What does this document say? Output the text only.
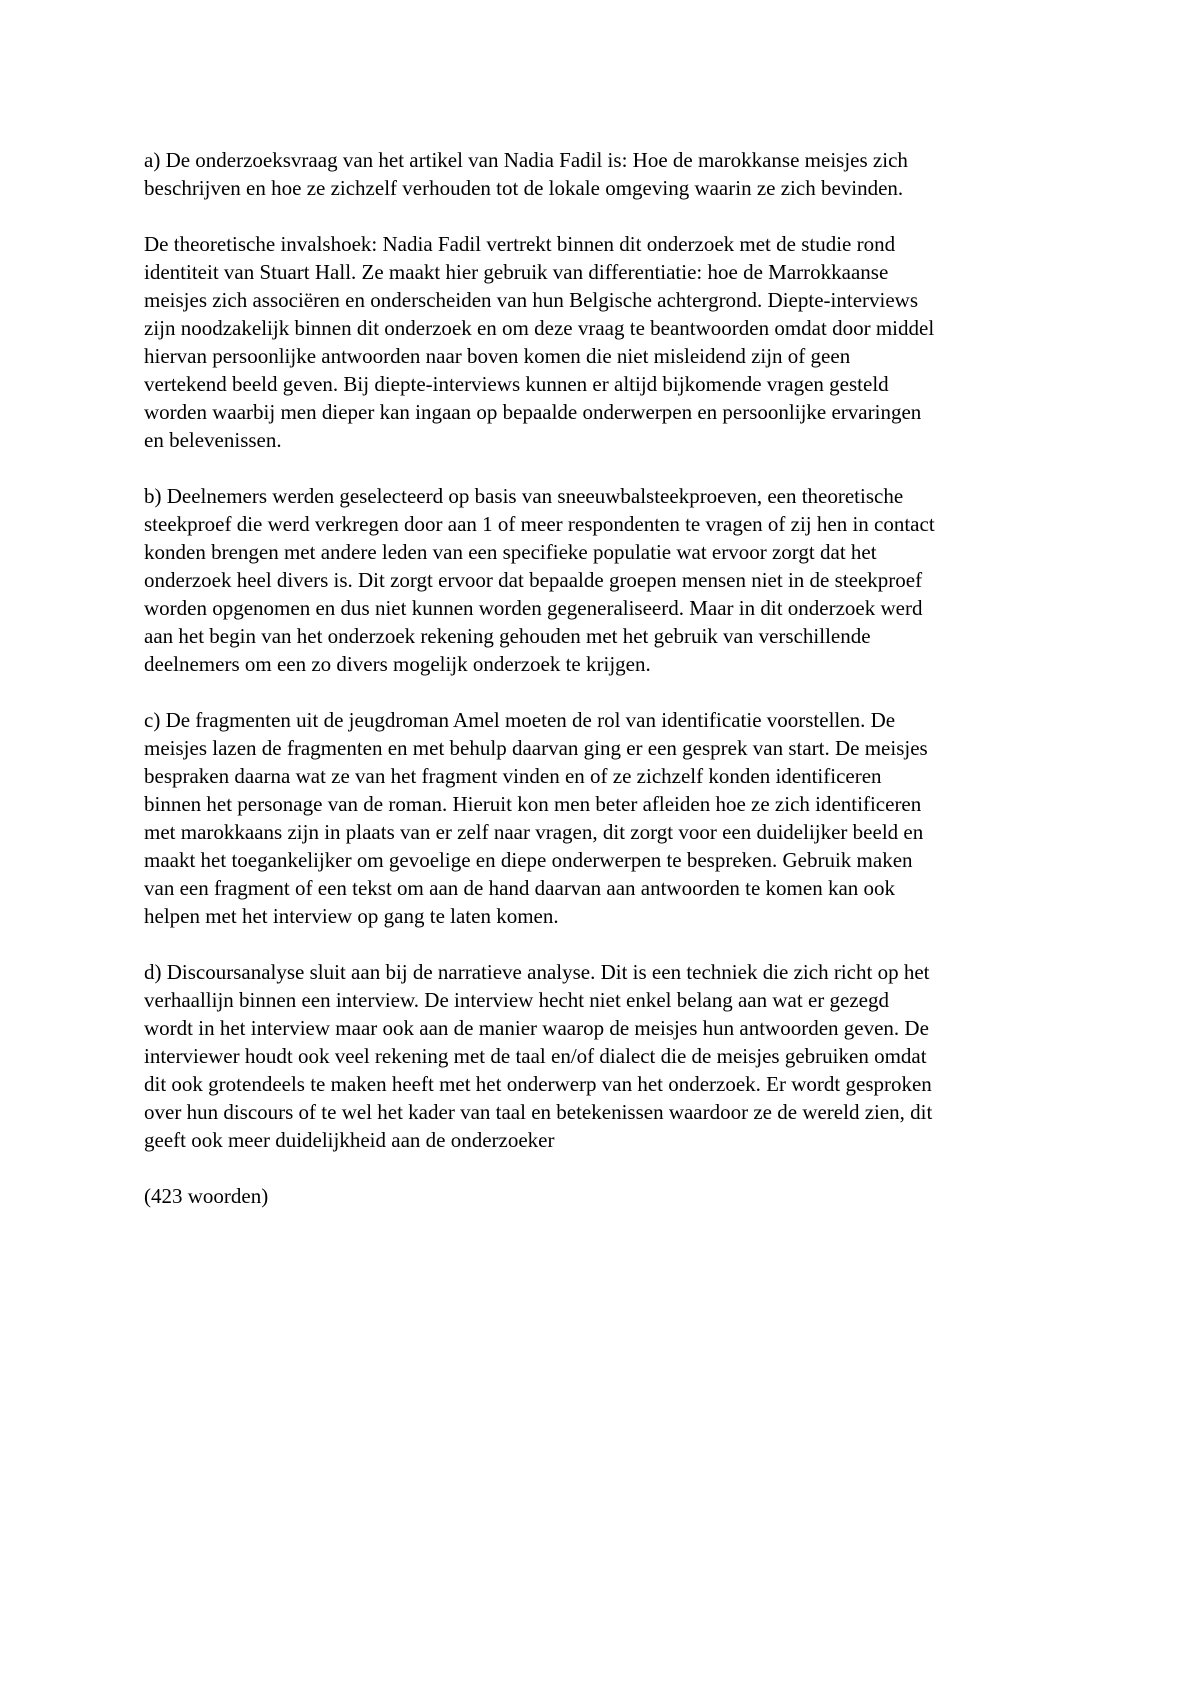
a) De onderzoeksvraag van het artikel van Nadia Fadil is: Hoe de marokkanse meisjes zich
beschrijven en hoe ze zichzelf verhouden tot de lokale omgeving waarin ze zich bevinden.

De theoretische invalshoek: Nadia Fadil vertrekt binnen dit onderzoek met de studie rond
identiteit van Stuart Hall. Ze maakt hier gebruik van differentiatie: hoe de Marrokkaanse
meisjes zich associëren en onderscheiden van hun Belgische achtergrond. Diepte-interviews
zijn noodzakelijk binnen dit onderzoek en om deze vraag te beantwoorden omdat door middel
hiervan persoonlijke antwoorden naar boven komen die niet misleidend zijn of geen
vertekend beeld geven. Bij diepte-interviews kunnen er altijd bijkomende vragen gesteld
worden waarbij men dieper kan ingaan op bepaalde onderwerpen en persoonlijke ervaringen
en belevenissen.

b) Deelnemers werden geselecteerd op basis van sneeuwbalsteekproeven, een theoretische
steekproef die werd verkregen door aan 1 of meer respondenten te vragen of zij hen in contact
konden brengen met andere leden van een specifieke populatie wat ervoor zorgt dat het
onderzoek heel divers is. Dit zorgt ervoor dat bepaalde groepen mensen niet in de steekproef
worden opgenomen en dus niet kunnen worden gegeneraliseerd. Maar in dit onderzoek werd
aan het begin van het onderzoek rekening gehouden met het gebruik van verschillende
deelnemers om een zo divers mogelijk onderzoek te krijgen.

c) De fragmenten uit de jeugdroman Amel moeten de rol van identificatie voorstellen. De
meisjes lazen de fragmenten en met behulp daarvan ging er een gesprek van start. De meisjes
bespraken daarna wat ze van het fragment vinden en of ze zichzelf konden identificeren
binnen het personage van de roman. Hieruit kon men beter afleiden hoe ze zich identificeren
met marokkaans zijn in plaats van er zelf naar vragen, dit zorgt voor een duidelijker beeld en
maakt het toegankelijker om gevoelige en diepe onderwerpen te bespreken. Gebruik maken
van een fragment of een tekst om aan de hand daarvan aan antwoorden te komen kan ook
helpen met het interview op gang te laten komen.

d) Discoursanalyse sluit aan bij de narratieve analyse. Dit is een techniek die zich richt op het
verhaallijn binnen een interview. De interview hecht niet enkel belang aan wat er gezegd
wordt in het interview maar ook aan de manier waarop de meisjes hun antwoorden geven. De
interviewer houdt ook veel rekening met de taal en/of dialect die de meisjes gebruiken omdat
dit ook grotendeels te maken heeft met het onderwerp van het onderzoek. Er wordt gesproken
over hun discours of te wel het kader van taal en betekenissen waardoor ze de wereld zien, dit
geeft ook meer duidelijkheid aan de onderzoeker

(423 woorden)
